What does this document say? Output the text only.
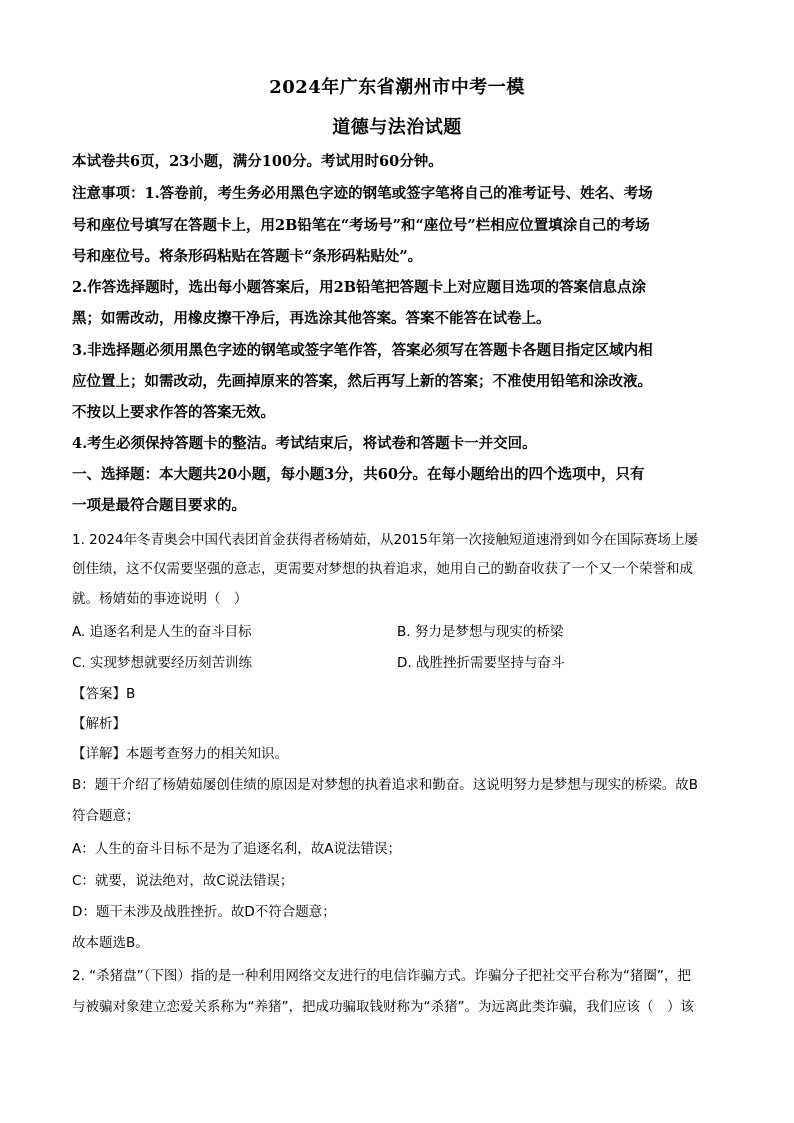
2024年广东省潮州市中考一模
道德与法治试题
本试卷共6页，23小题，满分100分。考试用时60分钟。
注意事项：1.答卷前，考生务必用黑色字迹的钢笔或签字笔将自己的准考证号、姓名、考场
号和座位号填写在答题卡上，用2B铅笔在“考场号”和“座位号”栏相应位置填涂自己的考场
号和座位号。将条形码粘贴在答题卡“条形码粘贴处”。
2.作答选择题时，选出每小题答案后，用2B铅笔把答题卡上对应题目选项的答案信息点涂
黑；如需改动，用橡皮擦干净后，再选涂其他答案。答案不能答在试卷上。
3.非选择题必须用黑色字迹的钢笔或签字笔作答，答案必须写在答题卡各题目指定区域内相
应位置上；如需改动，先画掉原来的答案，然后再写上新的答案；不准使用铅笔和涂改液。
不按以上要求作答的答案无效。
4.考生必须保持答题卡的整洁。考试结束后，将试卷和答题卡一并交回。
一、选择题：本大题共20小题，每小题3分，共60分。在每小题给出的四个选项中，只有
一项是最符合题目要求的。
1. 2024年冬青奥会中国代表团首金获得者杨婧茹，从2015年第一次接触短道速滑到如今在国际赛场上屡
创佳绩，这不仅需要坚强的意志，更需要对梦想的执着追求，她用自己的勤奋收获了一个又一个荣誉和成
就。杨婧茹的事迹说明（　）
A. 追逐名利是人生的奋斗目标	B. 努力是梦想与现实的桥梁
C. 实现梦想就要经历刻苦训练	D. 战胜挫折需要坚持与奋斗
【答案】B
【解析】
【详解】本题考查努力的相关知识。
B：题干介绍了杨婧茹屡创佳绩的原因是对梦想的执着追求和勤奋。这说明努力是梦想与现实的桥梁。故B
符合题意；
A：人生的奋斗目标不是为了追逐名利，故A说法错误；
C：就要，说法绝对，故C说法错误；
D：题干未涉及战胜挫折。故D不符合题意；
故本题选B。
2. “杀猪盘”（下图）指的是一种利用网络交友进行的电信诈骗方式。诈骗分子把社交平台称为“猪圈”，把
与被骗对象建立恋爱关系称为“养猪”，把成功骗取钱财称为“杀猪”。为远离此类诈骗，我们应该（　）该
